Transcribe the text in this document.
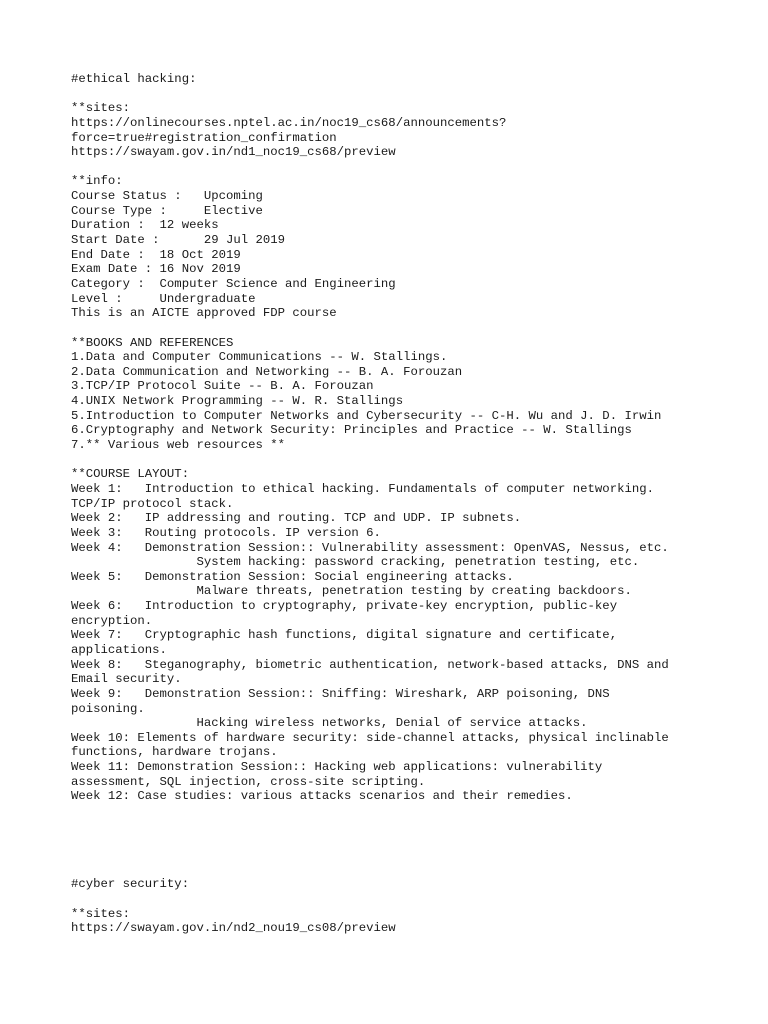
#ethical hacking:
**sites:
https://onlinecourses.nptel.ac.in/noc19_cs68/announcements?
force=true#registration_confirmation
https://swayam.gov.in/nd1_noc19_cs68/preview
**info:
Course Status :   Upcoming
Course Type :     Elective
Duration :  12 weeks
Start Date :      29 Jul 2019
End Date :  18 Oct 2019
Exam Date : 16 Nov 2019
Category :  Computer Science and Engineering
Level :     Undergraduate
This is an AICTE approved FDP course
**BOOKS AND REFERENCES
1.Data and Computer Communications -- W. Stallings.
2.Data Communication and Networking -- B. A. Forouzan
3.TCP/IP Protocol Suite -- B. A. Forouzan
4.UNIX Network Programming -- W. R. Stallings
5.Introduction to Computer Networks and Cybersecurity -- C-H. Wu and J. D. Irwin
6.Cryptography and Network Security: Principles and Practice -- W. Stallings
7.** Various web resources **
**COURSE LAYOUT:
Week 1:   Introduction to ethical hacking. Fundamentals of computer networking.
TCP/IP protocol stack.
Week 2:   IP addressing and routing. TCP and UDP. IP subnets.
Week 3:   Routing protocols. IP version 6.
Week 4:   Demonstration Session:: Vulnerability assessment: OpenVAS, Nessus, etc.
System hacking: password cracking, penetration testing, etc.
Week 5:   Demonstration Session: Social engineering attacks.
Malware threats, penetration testing by creating backdoors.
Week 6:   Introduction to cryptography, private-key encryption, public-key
encryption.
Week 7:   Cryptographic hash functions, digital signature and certificate,
applications.
Week 8:   Steganography, biometric authentication, network-based attacks, DNS and
Email security.
Week 9:   Demonstration Session:: Sniffing: Wireshark, ARP poisoning, DNS
poisoning.
Hacking wireless networks, Denial of service attacks.
Week 10: Elements of hardware security: side-channel attacks, physical inclinable
functions, hardware trojans.
Week 11: Demonstration Session:: Hacking web applications: vulnerability
assessment, SQL injection, cross-site scripting.
Week 12: Case studies: various attacks scenarios and their remedies.
#cyber security:
**sites:
https://swayam.gov.in/nd2_nou19_cs08/preview
